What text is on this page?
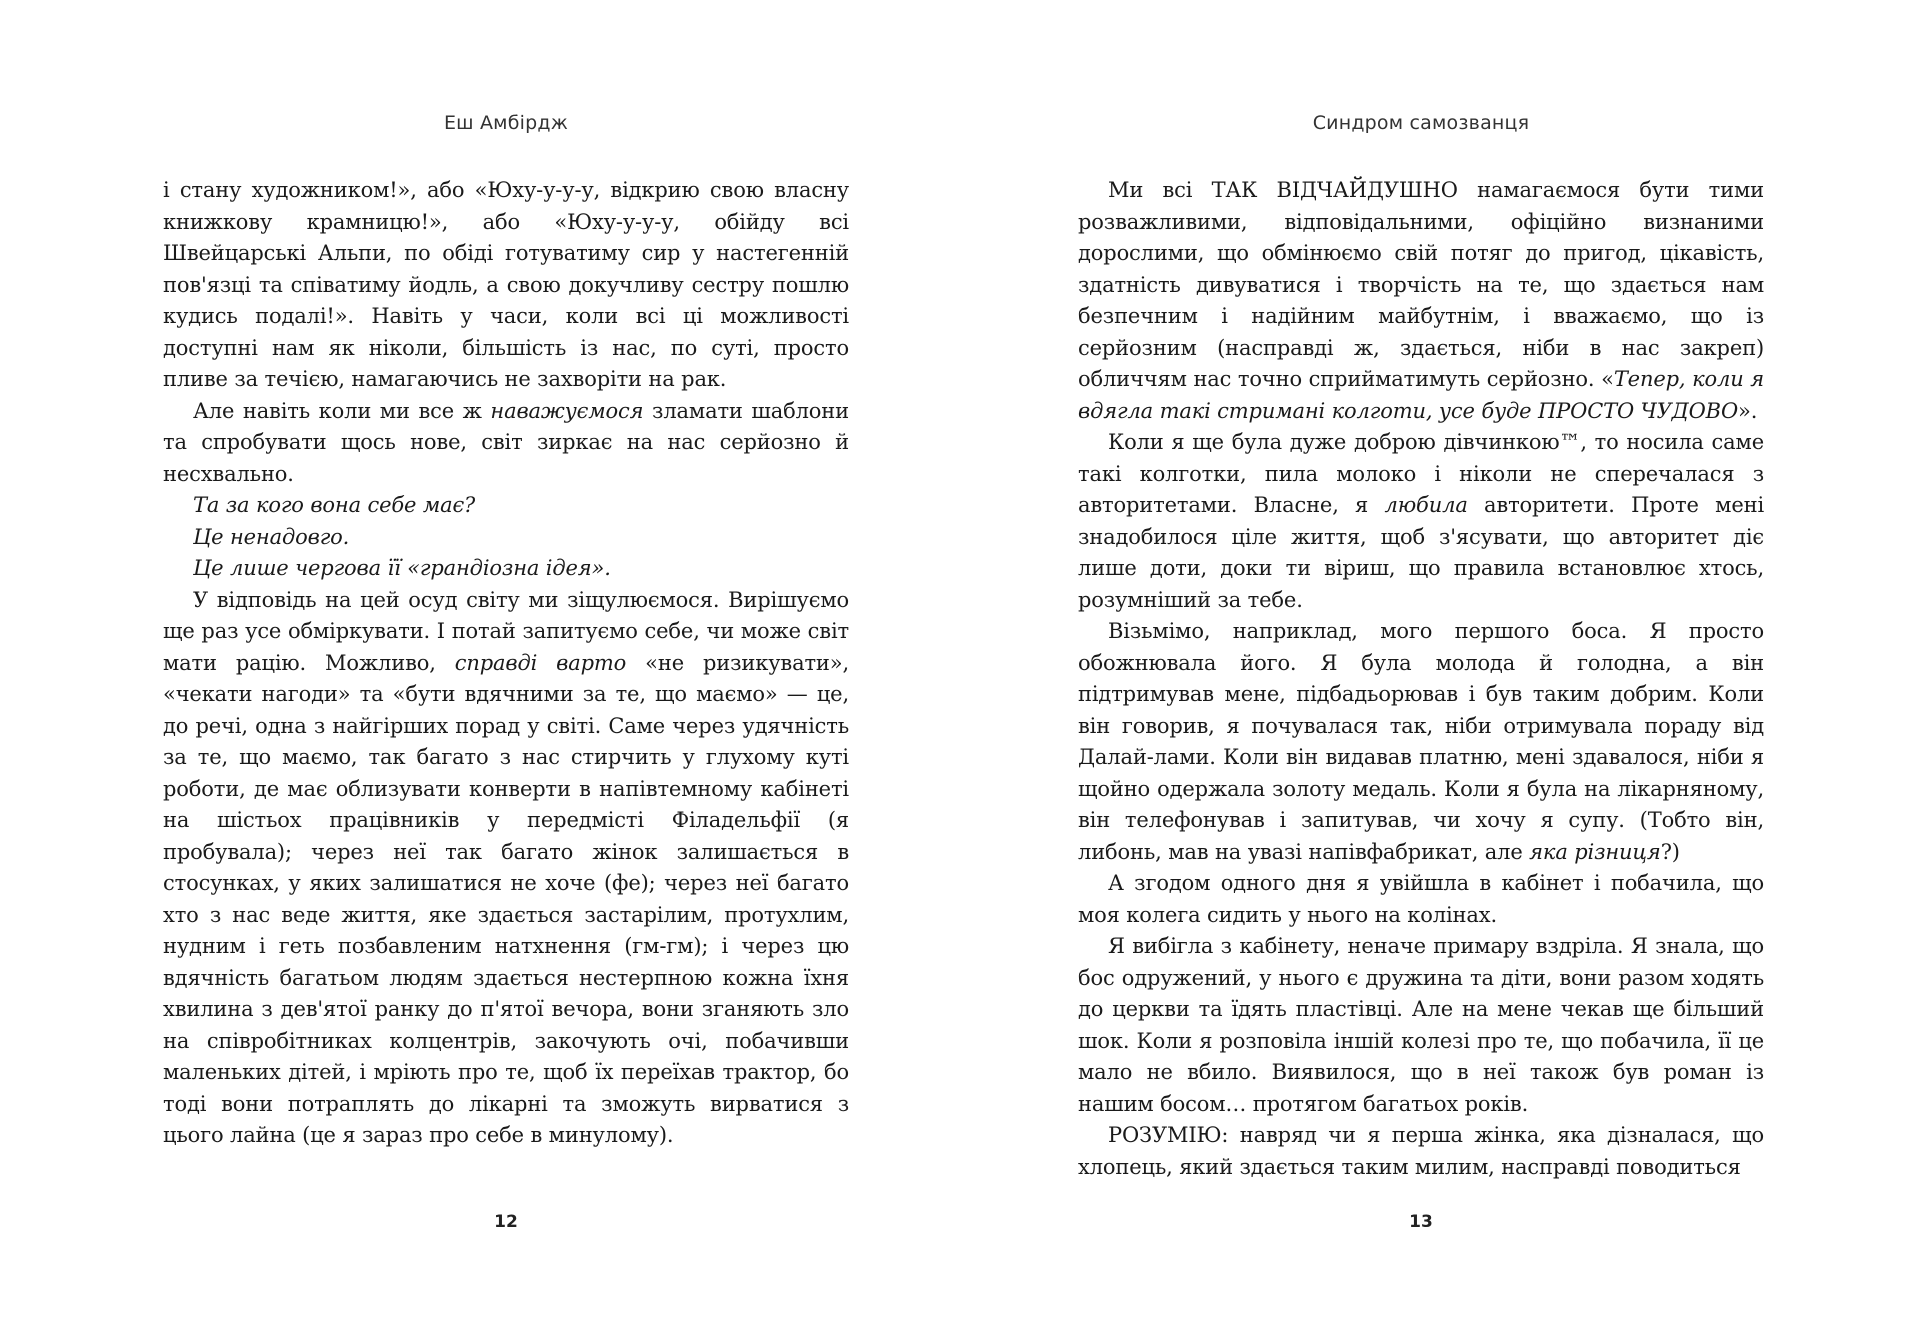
Еш Амбірдж

і стану художником!», або «Юху-у-у-у, відкрию свою власну книжкову крамницю!», або «Юху-у-у-у, обійду всі Швейцарські Альпи, по обіді готуватиму сир у настегенній пов'язці та співатиму йодль, а свою докучливу сестру пошлю кудись подалі!». Навіть у часи, коли всі ці можливості доступні нам як ніколи, більшість із нас, по суті, просто пливе за течією, намагаючись не захворіти на рак.

Але навіть коли ми все ж наважуємося зламати шаблони та спробувати щось нове, світ зиркає на нас серйозно й несхвально.

Та за кого вона себе має?

Це ненадовго.

Це лише чергова її «грандіозна ідея».

У відповідь на цей осуд світу ми зіщулюємося. Вирішуємо ще раз усе обміркувати. І потай запитуємо себе, чи може світ мати рацію. Можливо, справді варто «не ризикувати», «чекати нагоди» та «бути вдячними за те, що маємо» — це, до речі, одна з найгірших порад у світі. Саме через удячність за те, що маємо, так багато з нас стирчить у глухому куті роботи, де має облизувати конверти в напівтемному кабінеті на шістьох працівників у передмісті Філадельфії (я пробувала); через неї так багато жінок залишається в стосунках, у яких залишатися не хоче (фе); через неї багато хто з нас веде життя, яке здається застарілим, протухлим, нудним і геть позбавленим натхнення (гм-гм); і через цю вдячність багатьом людям здається нестерпною кожна їхня хвилина з дев'ятої ранку до п'ятої вечора, вони зганяють зло на співробітниках колцентрів, закочують очі, побачивши маленьких дітей, і мріють про те, щоб їх переїхав трактор, бо тоді вони потраплять до лікарні та зможуть вирватися з цього лайна (це я зараз про себе в минулому).

12
Синдром самозванця

Ми всі ТАК ВІДЧАЙДУШНО намагаємося бути тими розважливими, відповідальними, офіційно визнаними дорослими, що обмінюємо свій потяг до пригод, цікавість, здатність дивуватися і творчість на те, що здається нам безпечним і надійним майбутнім, і вважаємо, що із серйозним (насправді ж, здається, ніби в нас закреп) обличчям нас точно сприйматимуть серйозно. «Тепер, коли я вдягла такі стримані колготи, усе буде ПРОСТО ЧУДОВО».

Коли я ще була дуже доброю дівчинкою™, то носила саме такі колготки, пила молоко і ніколи не сперечалася з авторитетами. Власне, я любила авторитети. Проте мені знадобилося ціле життя, щоб з'ясувати, що авторитет діє лише доти, доки ти віриш, що правила встановлює хтось, розумніший за тебе.

Візьмімо, наприклад, мого першого боса. Я просто обожнювала його. Я була молода й голодна, а він підтримував мене, підбадьорював і був таким добрим. Коли він говорив, я почувалася так, ніби отримувала пораду від Далай-лами. Коли він видавав платню, мені здавалося, ніби я щойно одержала золоту медаль. Коли я була на лікарняному, він телефонував і запитував, чи хочу я супу. (Тобто він, либонь, мав на увазі напівфабрикат, але яка різниця?)

А згодом одного дня я увійшла в кабінет і побачила, що моя колега сидить у нього на колінах.

Я вибігла з кабінету, неначе примару вздріла. Я знала, що бос одружений, у нього є дружина та діти, вони разом ходять до церкви та їдять пластівці. Але на мене чекав ще більший шок. Коли я розповіла іншій колезі про те, що побачила, її це мало не вбило. Виявилося, що в неї також був роман із нашим босом… протягом багатьох років.

РОЗУМІЮ: навряд чи я перша жінка, яка дізналася, що хлопець, який здається таким милим, насправді поводиться

13
